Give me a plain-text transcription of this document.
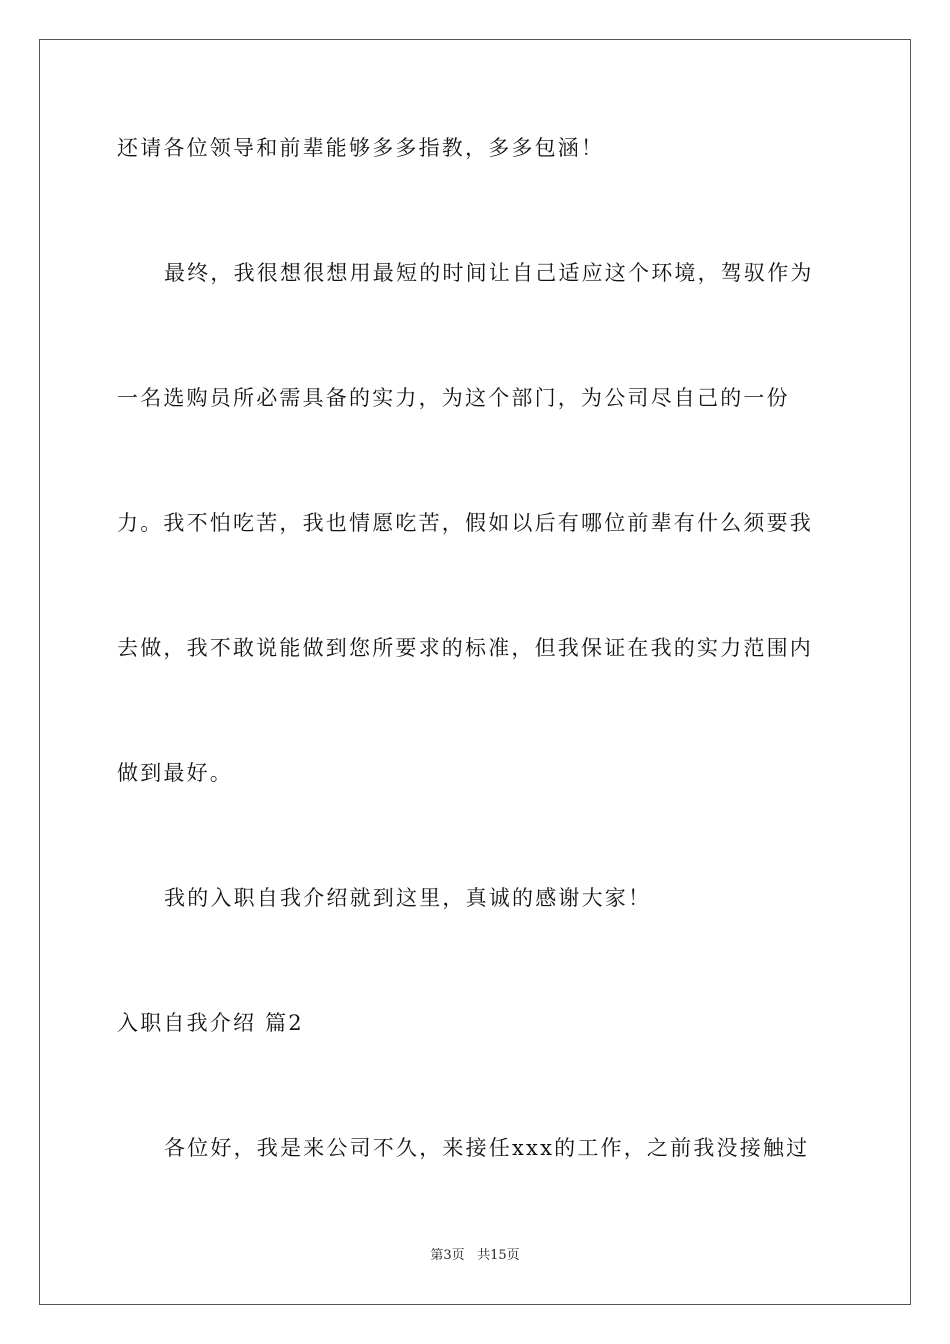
还请各位领导和前辈能够多多指教，多多包涵！
最终，我很想很想用最短的时间让自己适应这个环境，驾驭作为
一名选购员所必需具备的实力，为这个部门，为公司尽自己的一份
力。我不怕吃苦，我也情愿吃苦，假如以后有哪位前辈有什么须要我
去做，我不敢说能做到您所要求的标准，但我保证在我的实力范围内
做到最好。
我的入职自我介绍就到这里，真诚的感谢大家！
入职自我介绍 篇2
各位好，我是来公司不久，来接任xxx的工作，之前我没接触过
第3页 共15页
